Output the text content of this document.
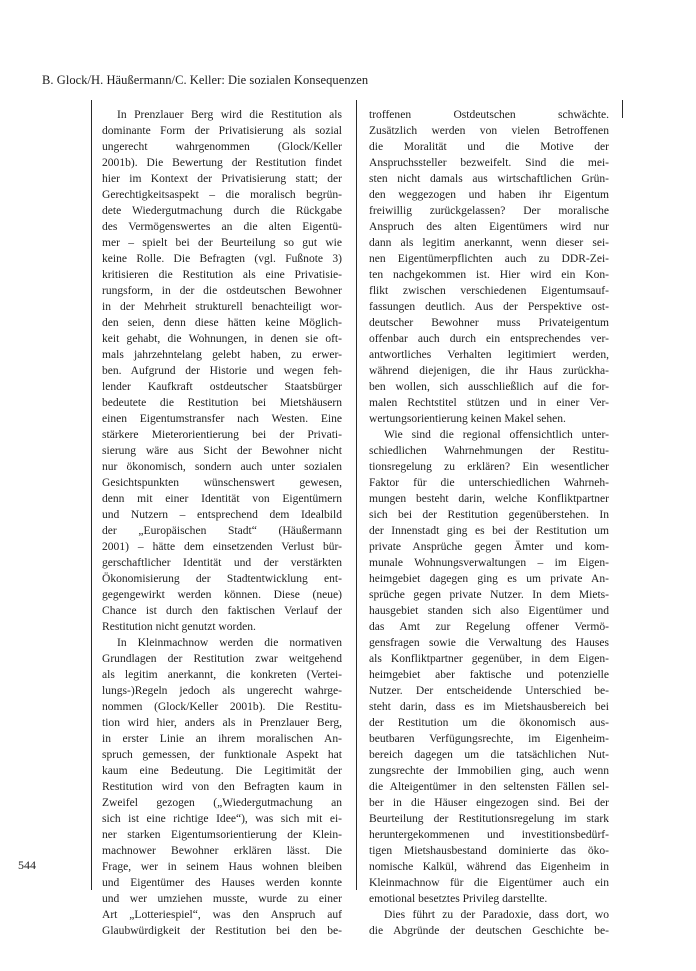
B. Glock/H. Häußermann/C. Keller: Die sozialen Konsequenzen
In Prenzlauer Berg wird die Restitution als
dominante Form der Privatisierung als sozial
ungerecht wahrgenommen (Glock/Keller
2001b). Die Bewertung der Restitution findet
hier im Kontext der Privatisierung statt; der
Gerechtigkeitsaspekt – die moralisch begrün-
dete Wiedergutmachung durch die Rückgabe
des Vermögenswertes an die alten Eigentü-
mer – spielt bei der Beurteilung so gut wie
keine Rolle. Die Befragten (vgl. Fußnote 3)
kritisieren die Restitution als eine Privatisie-
rungsform, in der die ostdeutschen Bewohner
in der Mehrheit strukturell benachteiligt wor-
den seien, denn diese hätten keine Möglich-
keit gehabt, die Wohnungen, in denen sie oft-
mals jahrzehntelang gelebt haben, zu erwer-
ben. Aufgrund der Historie und wegen feh-
lender Kaufkraft ostdeutscher Staatsbürger
bedeutete die Restitution bei Mietshäusern
einen Eigentumstransfer nach Westen. Eine
stärkere Mieterorientierung bei der Privati-
sierung wäre aus Sicht der Bewohner nicht
nur ökonomisch, sondern auch unter sozialen
Gesichtspunkten wünschenswert gewesen,
denn mit einer Identität von Eigentümern
und Nutzern – entsprechend dem Idealbild
der „Europäischen Stadt“ (Häußermann
2001) – hätte dem einsetzenden Verlust bür-
gerschaftlicher Identität und der verstärkten
Ökonomisierung der Stadtentwicklung ent-
gegengewirkt werden können. Diese (neue)
Chance ist durch den faktischen Verlauf der
Restitution nicht genutzt worden.
In Kleinmachnow werden die normativen
Grundlagen der Restitution zwar weitgehend
als legitim anerkannt, die konkreten (Vertei-
lungs-)Regeln jedoch als ungerecht wahrge-
nommen (Glock/Keller 2001b). Die Restitu-
tion wird hier, anders als in Prenzlauer Berg,
in erster Linie an ihrem moralischen An-
spruch gemessen, der funktionale Aspekt hat
kaum eine Bedeutung. Die Legitimität der
Restitution wird von den Befragten kaum in
Zweifel gezogen („Wiedergutmachung an
sich ist eine richtige Idee“), was sich mit ei-
ner starken Eigentumsorientierung der Klein-
machnower Bewohner erklären lässt. Die
Frage, wer in seinem Haus wohnen bleiben
und Eigentümer des Hauses werden konnte
und wer umziehen musste, wurde zu einer
Art „Lotteriespiel“, was den Anspruch auf
Glaubwürdigkeit der Restitution bei den be-
troffenen Ostdeutschen schwächte.
Zusätzlich werden von vielen Betroffenen
die Moralität und die Motive der
Anspruchssteller bezweifelt. Sind die mei-
sten nicht damals aus wirtschaftlichen Grün-
den weggezogen und haben ihr Eigentum
freiwillig zurückgelassen? Der moralische
Anspruch des alten Eigentümers wird nur
dann als legitim anerkannt, wenn dieser sei-
nen Eigentümerpflichten auch zu DDR-Zei-
ten nachgekommen ist. Hier wird ein Kon-
flikt zwischen verschiedenen Eigentumsauf-
fassungen deutlich. Aus der Perspektive ost-
deutscher Bewohner muss Privateigentum
offenbar auch durch ein entsprechendes ver-
antwortliches Verhalten legitimiert werden,
während diejenigen, die ihr Haus zurückha-
ben wollen, sich ausschließlich auf die for-
malen Rechtstitel stützen und in einer Ver-
wertungsorientierung keinen Makel sehen.
Wie sind die regional offensichtlich unter-
schiedlichen Wahrnehmungen der Restitu-
tionsregelung zu erklären? Ein wesentlicher
Faktor für die unterschiedlichen Wahrneh-
mungen besteht darin, welche Konfliktpartner
sich bei der Restitution gegenüberstehen. In
der Innenstadt ging es bei der Restitution um
private Ansprüche gegen Ämter und kom-
munale Wohnungsverwaltungen – im Eigen-
heimgebiet dagegen ging es um private An-
sprüche gegen private Nutzer. In dem Miets-
hausgebiet standen sich also Eigentümer und
das Amt zur Regelung offener Vermö-
gensfragen sowie die Verwaltung des Hauses
als Konfliktpartner gegenüber, in dem Eigen-
heimgebiet aber faktische und potenzielle
Nutzer. Der entscheidende Unterschied be-
steht darin, dass es im Mietshausbereich bei
der Restitution um die ökonomisch aus-
beutbaren Verfügungsrechte, im Eigenheim-
bereich dagegen um die tatsächlichen Nut-
zungsrechte der Immobilien ging, auch wenn
die Alteigentümer in den seltensten Fällen sel-
ber in die Häuser eingezogen sind. Bei der
Beurteilung der Restitutionsregelung im stark
heruntergekommenen und investitionsbedürf-
tigen Mietshausbestand dominierte das öko-
nomische Kalkül, während das Eigenheim in
Kleinmachnow für die Eigentümer auch ein
emotional besetztes Privileg darstellte.
Dies führt zu der Paradoxie, dass dort, wo
die Abgründe der deutschen Geschichte be-
544
